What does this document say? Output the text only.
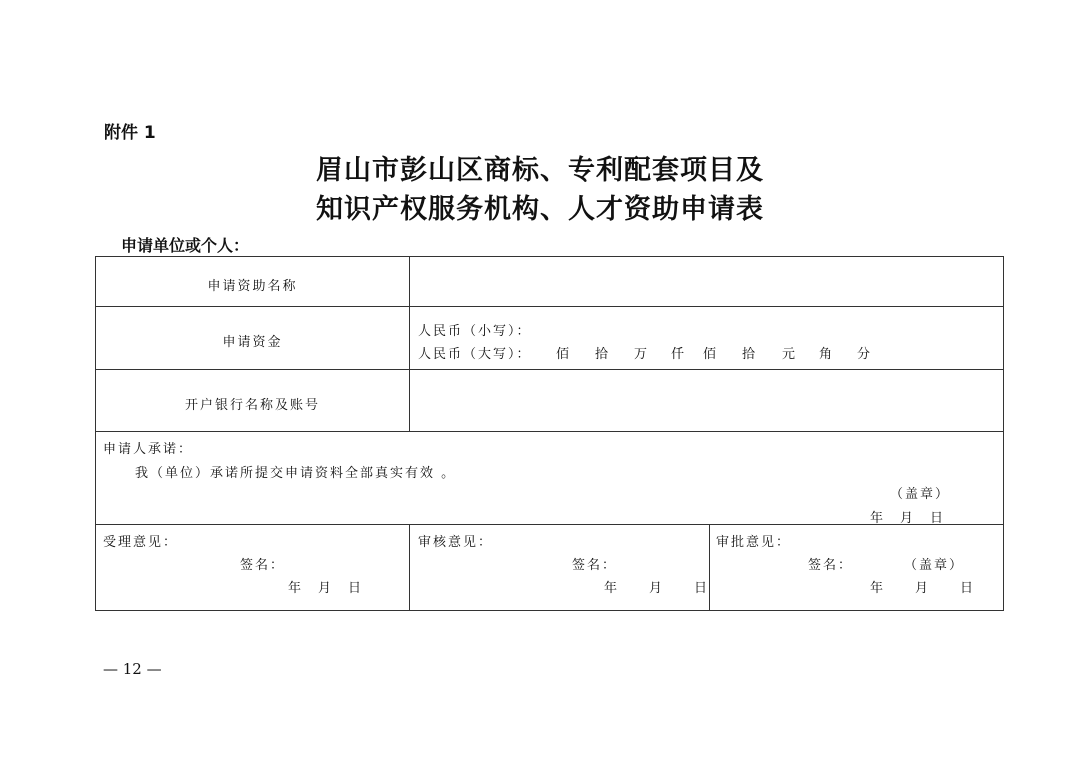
附件 1
眉山市彭山区商标、专利配套项目及
知识产权服务机构、人才资助申请表
申请单位或个人：
申请资助名称
申请资金
人民币（小写）：
人民币（大写）： 佰 拾 万 仟 佰 拾 元 角 分
开户银行名称及账号
申请人承诺：
我（单位）承诺所提交申请资料全部真实有效 。
（盖章）
年　月　日
受理意见：
签名：
年　月　日
审核意见：
签名：
年　　月　　日
审批意见：
签名：	（盖章）
年　　月　　日
— 12 —
